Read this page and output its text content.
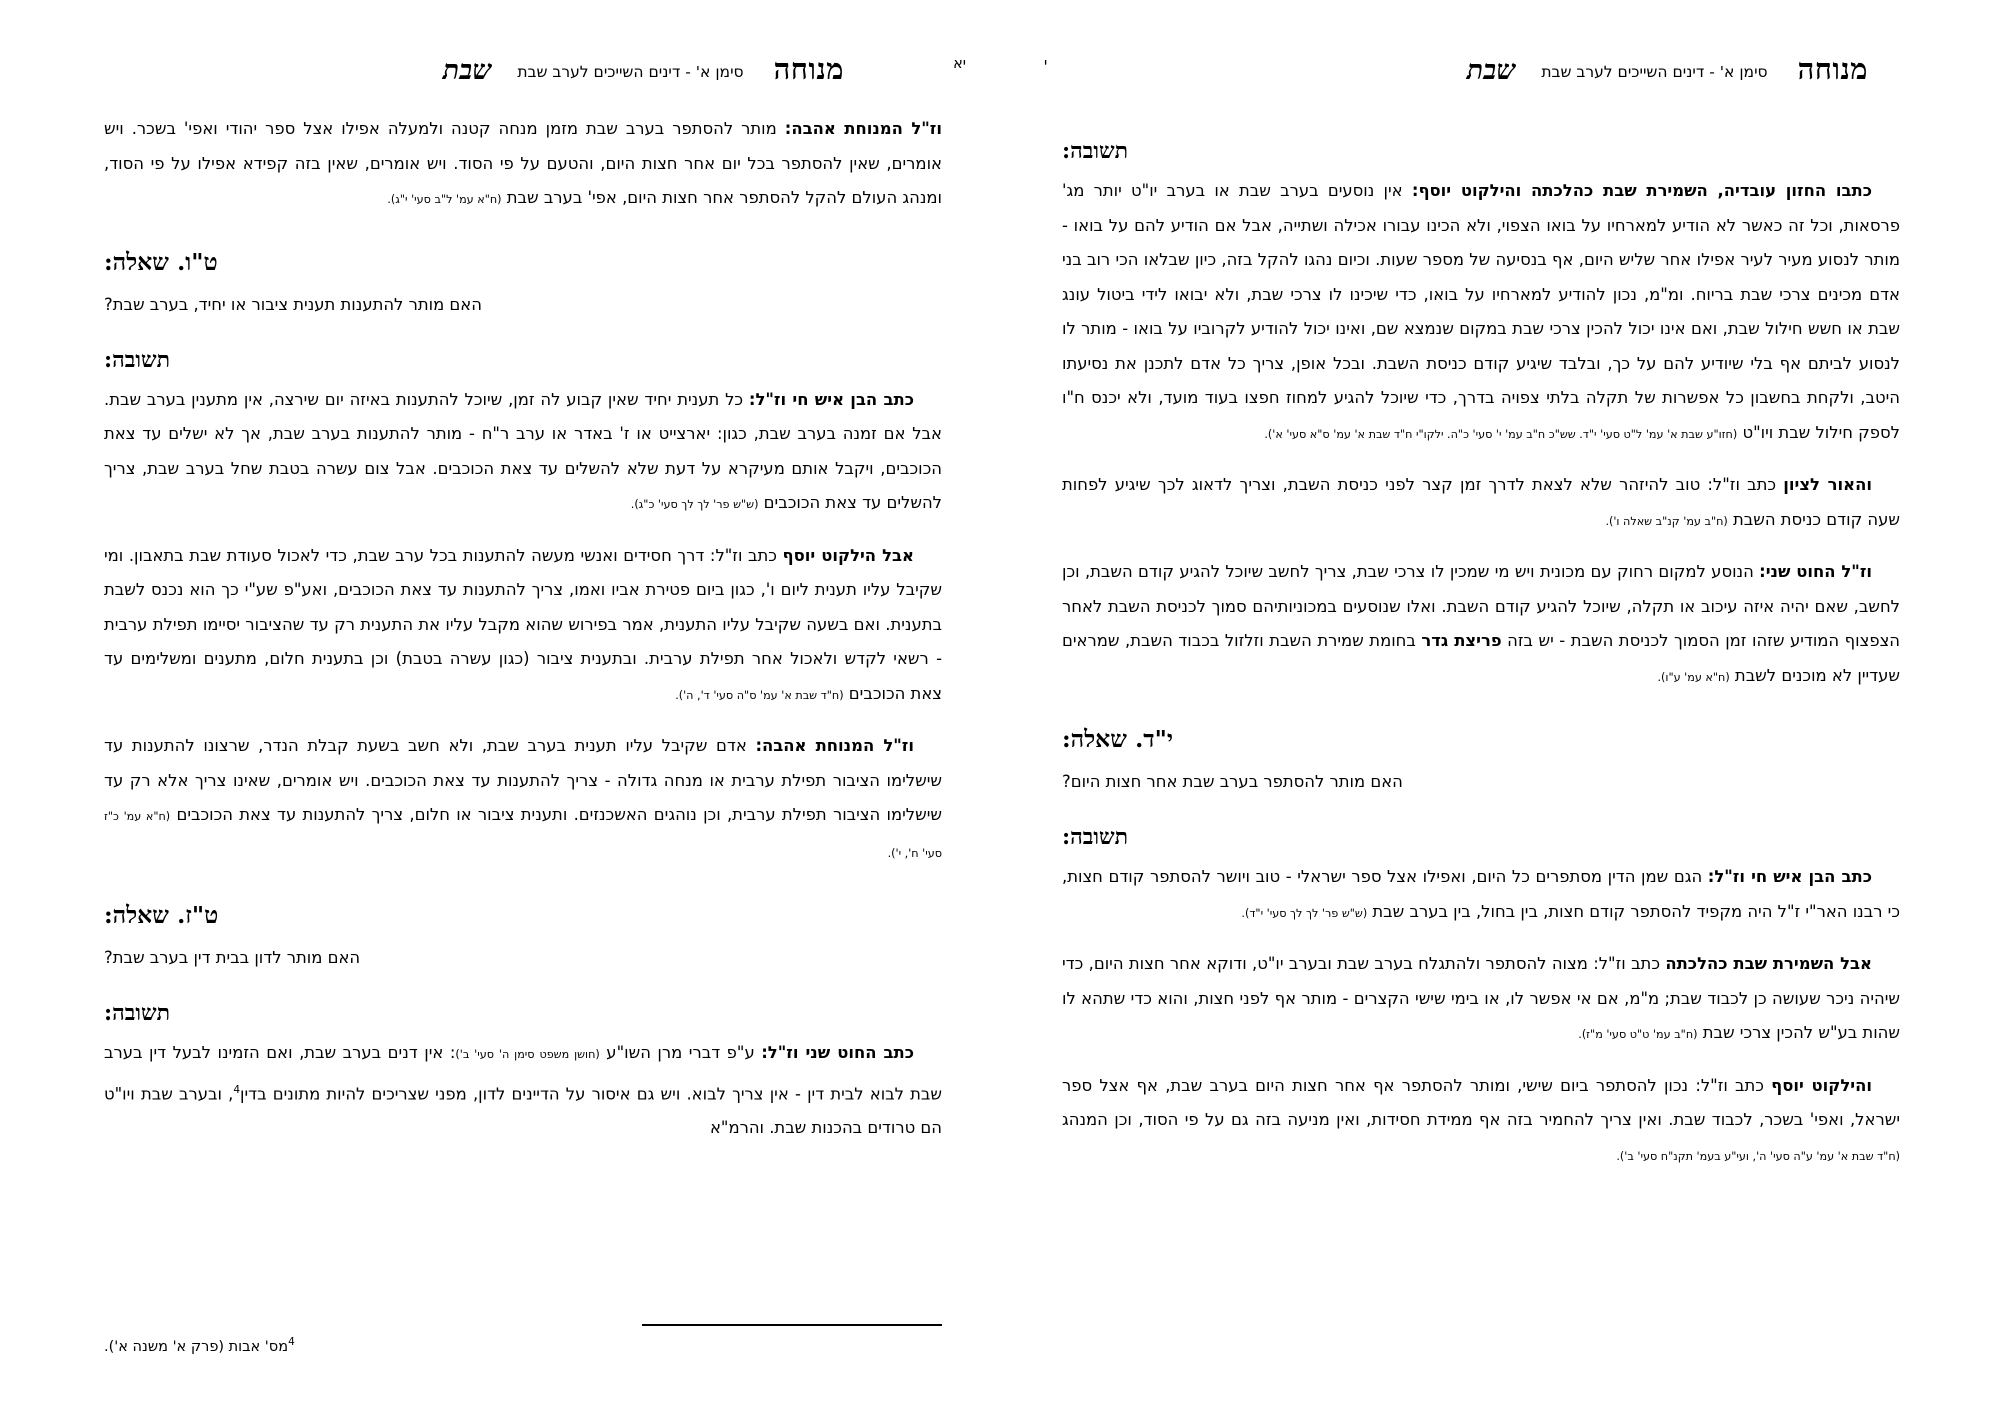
מנוחה
סימן א' - דינים השייכים לערב שבת
שבת
י
תשובה:

כתבו החזון עובדיה, השמירת שבת כהלכתה והילקוט יוסף: אין נוסעים בערב שבת או בערב יו"ט יותר מג' פרסאות, וכל זה כאשר לא הודיע למארחיו על בואו הצפוי, ולא הכינו עבורו אכילה ושתייה, אבל אם הודיע להם על בואו - מותר לנסוע מעיר לעיר אפילו אחר שליש היום, אף בנסיעה של מספר שעות. וכיום נהגו להקל בזה, כיון שבלאו הכי רוב בני אדם מכינים צרכי שבת בריוח. ומ"מ, נכון להודיע למארחיו על בואו, כדי שיכינו לו צרכי שבת, ולא יבואו לידי ביטול עונג שבת או חשש חילול שבת, ואם אינו יכול להכין צרכי שבת במקום שנמצא שם, ואינו יכול להודיע לקרוביו על בואו - מותר לו לנסוע לביתם אף בלי שיודיע להם על כך, ובלבד שיגיע קודם כניסת השבת. ובכל אופן, צריך כל אדם לתכנן את נסיעתו היטב, ולקחת בחשבון כל אפשרות של תקלה בלתי צפויה בדרך, כדי שיוכל להגיע למחוז חפצו בעוד מועד, ולא יכנס ח"ו לספק חילול שבת ויו"ט (חזו"ע שבת א' עמ' ל"ט סעי' י"ד. שש"כ ח"ב עמ' י' סעי' כ"ה. ילקו"י ח"ד שבת א' עמ' ס"א סעי' א').

והאור לציון כתב וז"ל: טוב להיזהר שלא לצאת לדרך זמן קצר לפני כניסת השבת, וצריך לדאוג לכך שיגיע לפחות שעה קודם כניסת השבת (ח"ב עמ' קנ"ב שאלה ו').

וז"ל החוט שני: הנוסע למקום רחוק עם מכונית ויש מי שמכין לו צרכי שבת, צריך לחשב שיוכל להגיע קודם השבת, וכן לחשב, שאם יהיה איזה עיכוב או תקלה, שיוכל להגיע קודם השבת. ואלו שנוסעים במכוניותיהם סמוך לכניסת השבת לאחר הצפצוף המודיע שזהו זמן הסמוך לכניסת השבת - יש בזה פריצת גדר בחומת שמירת השבת וזלזול בכבוד השבת, שמראים שעדיין לא מוכנים לשבת (ח"א עמ' ע"ו).

י"ד. שאלה:

האם מותר להסתפר בערב שבת אחר חצות היום?

תשובה:

כתב הבן איש חי וז"ל: הגם שמן הדין מסתפרים כל היום, ואפילו אצל ספר ישראלי - טוב ויושר להסתפר קודם חצות, כי רבנו האר"י ז"ל היה מקפיד להסתפר קודם חצות, בין בחול, בין בערב שבת (ש"ש פר' לך לך סעי' י"ד).

אבל השמירת שבת כהלכתה כתב וז"ל: מצוה להסתפר ולהתגלח בערב שבת ובערב יו"ט, ודוקא אחר חצות היום, כדי שיהיה ניכר שעושה כן לכבוד שבת; מ"מ, אם אי אפשר לו, או בימי שישי הקצרים - מותר אף לפני חצות, והוא כדי שתהא לו שהות בע"ש להכין צרכי שבת (ח"ב עמ' ט"ט סעי' מ"ז).

והילקוט יוסף כתב וז"ל: נכון להסתפר ביום שישי, ומותר להסתפר אף אחר חצות היום בערב שבת, אף אצל ספר ישראל, ואפי' בשכר, לכבוד שבת. ואין צריך להחמיר בזה אף ממידת חסידות, ואין מניעה בזה גם על פי הסוד, וכן המנהג (ח"ד שבת א' עמ' ע"ה סעי' ה', ועי"ע בעמ' תקנ"ח סעי' ב').

מנוחה
סימן א' - דינים השייכים לערב שבת
שבת	יא

וז"ל המנוחת אהבה: מותר להסתפר בערב שבת מזמן מנחה קטנה ולמעלה אפילו אצל ספר יהודי ואפי' בשכר. ויש אומרים, שאין להסתפר בכל יום אחר חצות היום, והטעם על פי הסוד. ויש אומרים, שאין בזה קפידא אפילו על פי הסוד, ומנהג העולם להקל להסתפר אחר חצות היום, אפי' בערב שבת (ח"א עמ' ל"ב סעי' י"ג).

ט"ו. שאלה:

האם מותר להתענות תענית ציבור או יחיד, בערב שבת?

תשובה:

כתב הבן איש חי וז"ל: כל תענית יחיד שאין קבוע לה זמן, שיוכל להתענות באיזה יום שירצה, אין מתענין בערב שבת. אבל אם זמנה בערב שבת, כגון: יארצייט או ז' באדר או ערב ר"ח - מותר להתענות בערב שבת, אך לא ישלים עד צאת הכוכבים, ויקבל אותם מעיקרא על דעת שלא להשלים עד צאת הכוכבים. אבל צום עשרה בטבת שחל בערב שבת, צריך להשלים עד צאת הכוכבים (ש"ש פר' לך לך סעי' כ"ג).

אבל הילקוט יוסף כתב וז"ל: דרך חסידים ואנשי מעשה להתענות בכל ערב שבת, כדי לאכול סעודת שבת בתאבון. ומי שקיבל עליו תענית ליום ו', כגון ביום פטירת אביו ואמו, צריך להתענות עד צאת הכוכבים, ואע"פ שע"י כך הוא נכנס לשבת בתענית. ואם בשעה שקיבל עליו התענית, אמר בפירוש שהוא מקבל עליו את התענית רק עד שהציבור יסיימו תפילת ערבית - רשאי לקדש ולאכול אחר תפילת ערבית. ובתענית ציבור (כגון עשרה בטבת) וכן בתענית חלום, מתענים ומשלימים עד צאת הכוכבים (ח"ד שבת א' עמ' ס"ה סעי' ד', ה').

וז"ל המנוחת אהבה: אדם שקיבל עליו תענית בערב שבת, ולא חשב בשעת קבלת הנדר, שרצונו להתענות עד שישלימו הציבור תפילת ערבית או מנחה גדולה - צריך להתענות עד צאת הכוכבים. ויש אומרים, שאינו צריך אלא רק עד שישלימו הציבור תפילת ערבית, וכן נוהגים האשכנזים. ותענית ציבור או חלום, צריך להתענות עד צאת הכוכבים (ח"א עמ' כ"ז סעי' ח', י').

ט"ז. שאלה:

האם מותר לדון בבית דין בערב שבת?

תשובה:

כתב החוט שני וז"ל: ע"פ דברי מרן השו"ע (חושן משפט סימן ה' סעי' ב'): אין דנים בערב שבת, ואם הזמינו לבעל דין בערב שבת לבוא לבית דין - אין צריך לבוא. ויש גם איסור על הדיינים לדון, מפני שצריכים להיות מתונים בדין$^4$, ובערב שבת ויו"ט הם טרודים בהכנות שבת. והרמ"א

$^4$מס' אבות (פרק א' משנה א').
